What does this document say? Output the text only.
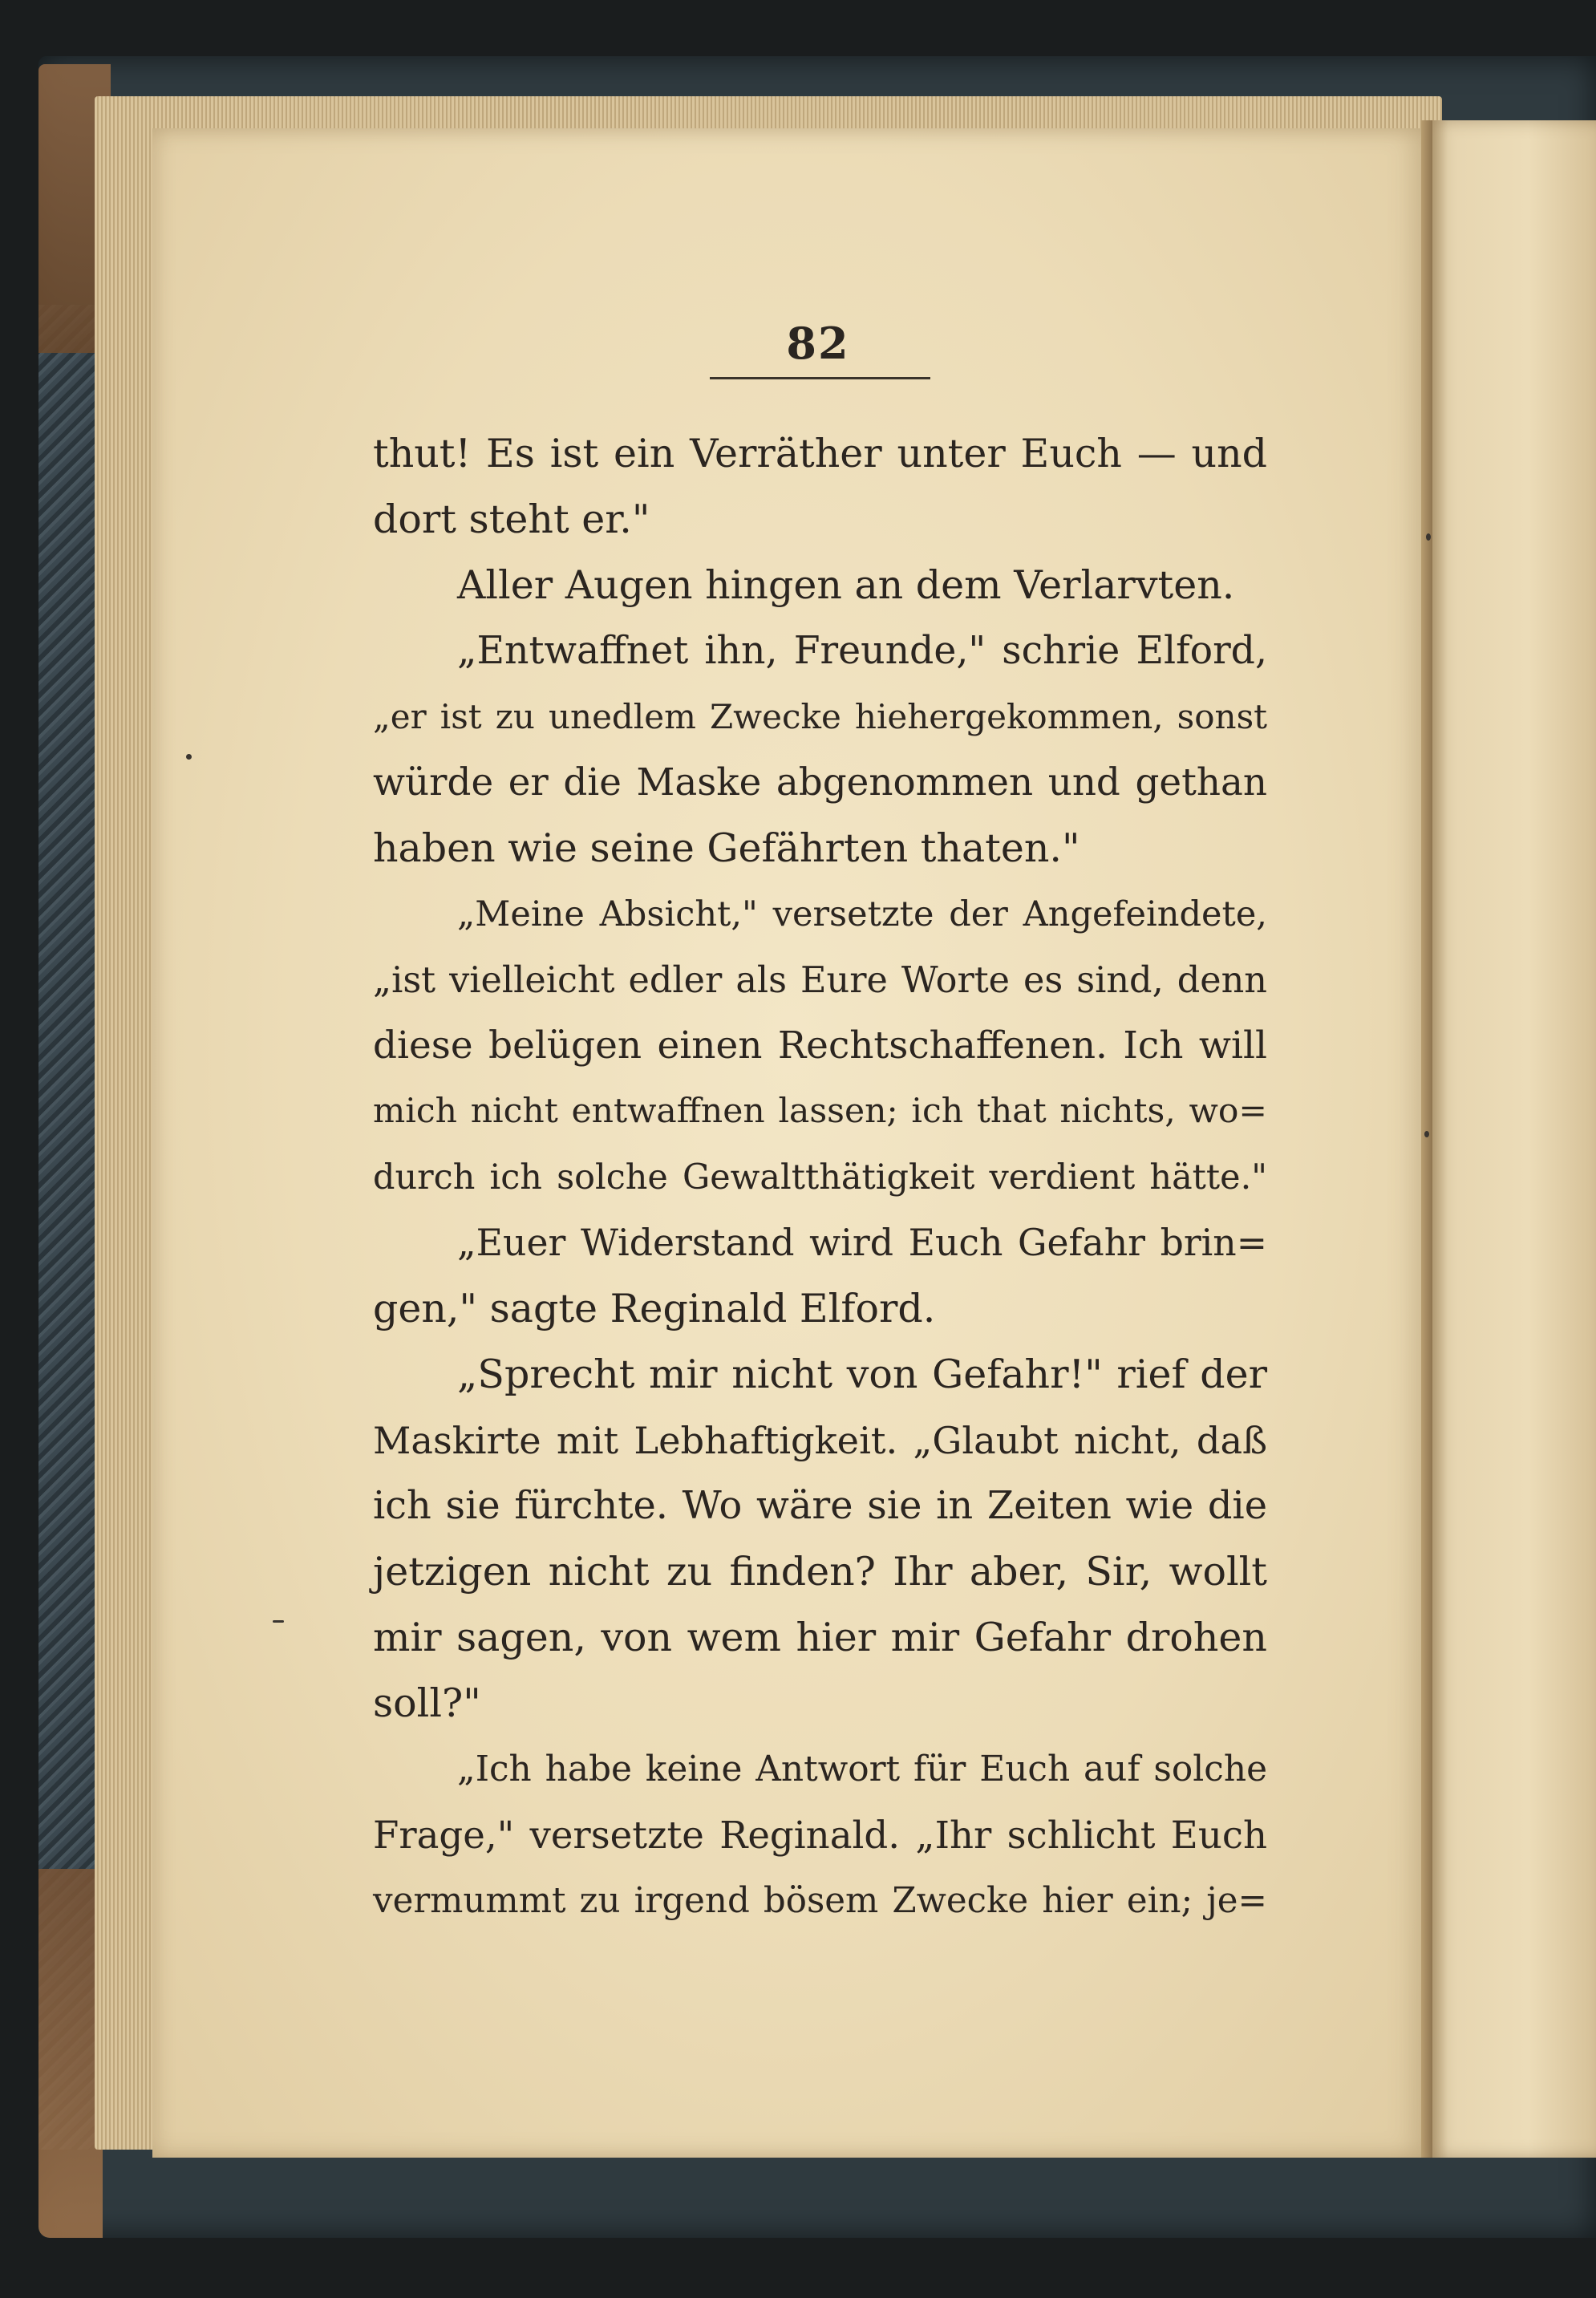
82
thut! Es ist ein Verräther unter Euch — und
dort steht er."
Aller Augen hingen an dem Verlarvten.
„Entwaffnet ihn, Freunde," schrie Elford,
„er ist zu unedlem Zwecke hiehergekommen, sonst
würde er die Maske abgenommen und gethan
haben wie seine Gefährten thaten."
„Meine Absicht," versetzte der Angefeindete,
„ist vielleicht edler als Eure Worte es sind, denn
diese belügen einen Rechtschaffenen. Ich will
mich nicht entwaffnen lassen; ich that nichts, wo=
durch ich solche Gewaltthätigkeit verdient hätte."
„Euer Widerstand wird Euch Gefahr brin=
gen," sagte Reginald Elford.
„Sprecht mir nicht von Gefahr!" rief der
Maskirte mit Lebhaftigkeit. „Glaubt nicht, daß
ich sie fürchte. Wo wäre sie in Zeiten wie die
jetzigen nicht zu finden? Ihr aber, Sir, wollt
mir sagen, von wem hier mir Gefahr drohen
soll?"
„Ich habe keine Antwort für Euch auf solche
Frage," versetzte Reginald. „Ihr schlicht Euch
vermummt zu irgend bösem Zwecke hier ein; je=
